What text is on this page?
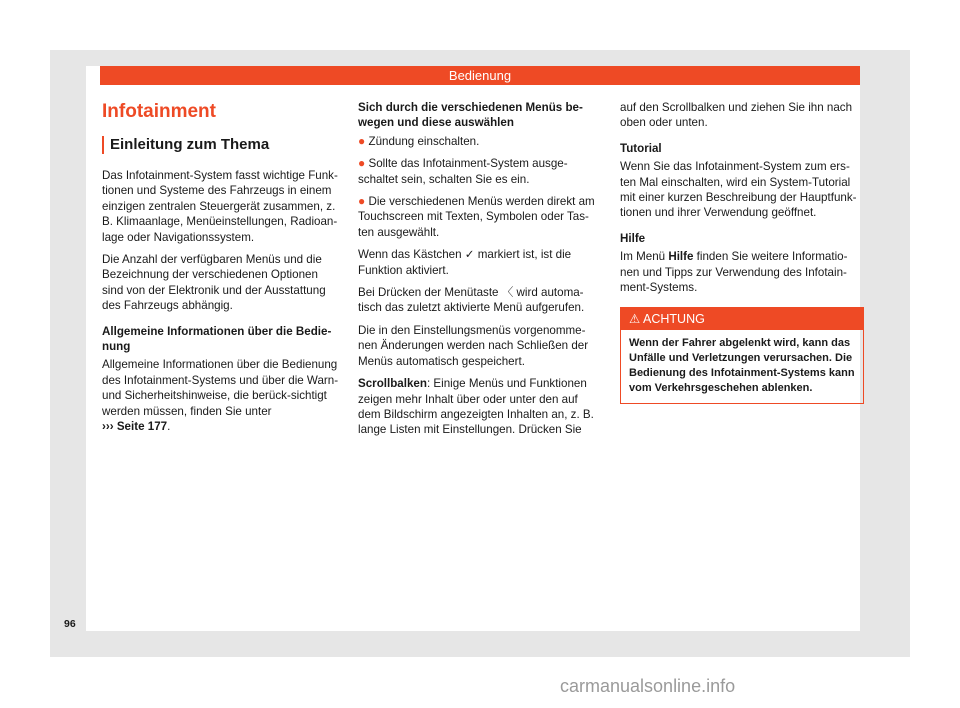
Bedienung
Infotainment
Einleitung zum Thema

Das Infotainment-System fasst wichtige Funk-tionen und Systeme des Fahrzeugs in einem einzigen zentralen Steuergerät zusammen, z. B. Klimaanlage, Menüeinstellungen, Radioan-lage oder Navigationssystem.

Die Anzahl der verfügbaren Menüs und die Bezeichnung der verschiedenen Optionen sind von der Elektronik und der Ausstattung des Fahrzeugs abhängig.

Allgemeine Informationen über die Bedie-nung

Allgemeine Informationen über die Bedienung des Infotainment-Systems und über die Warn- und Sicherheitshinweise, die berück-sichtigt werden müssen, finden Sie unter
››› Seite 177.

Sich durch die verschiedenen Menüs be-wegen und diese auswählen

● Zündung einschalten.

● Sollte das Infotainment-System ausge-schaltet sein, schalten Sie es ein.

● Die verschiedenen Menüs werden direkt am Touchscreen mit Texten, Symbolen oder Tas-ten ausgewählt.

Wenn das Kästchen ✓ markiert ist, ist die Funktion aktiviert.

Bei Drücken der Menütaste 〈 wird automa-tisch das zuletzt aktivierte Menü aufgerufen.

Die in den Einstellungsmenüs vorgenomme-nen Änderungen werden nach Schließen der Menüs automatisch gespeichert.

Scrollbalken: Einige Menüs und Funktionen zeigen mehr Inhalt über oder unter den auf dem Bildschirm angezeigten Inhalten an, z. B. lange Listen mit Einstellungen. Drücken Sie

auf den Scrollbalken und ziehen Sie ihn nach oben oder unten.

Tutorial

Wenn Sie das Infotainment-System zum ers-ten Mal einschalten, wird ein System-Tutorial mit einer kurzen Beschreibung der Hauptfunk-tionen und ihrer Verwendung geöffnet.

Hilfe

Im Menü Hilfe finden Sie weitere Informatio-nen und Tipps zur Verwendung des Infotain-ment-Systems.

⚠ ACHTUNG
Wenn der Fahrer abgelenkt wird, kann das Unfälle und Verletzungen verursachen. Die Bedienung des Infotainment-Systems kann vom Verkehrsgeschehen ablenken.
96
carmanualsonline.info
